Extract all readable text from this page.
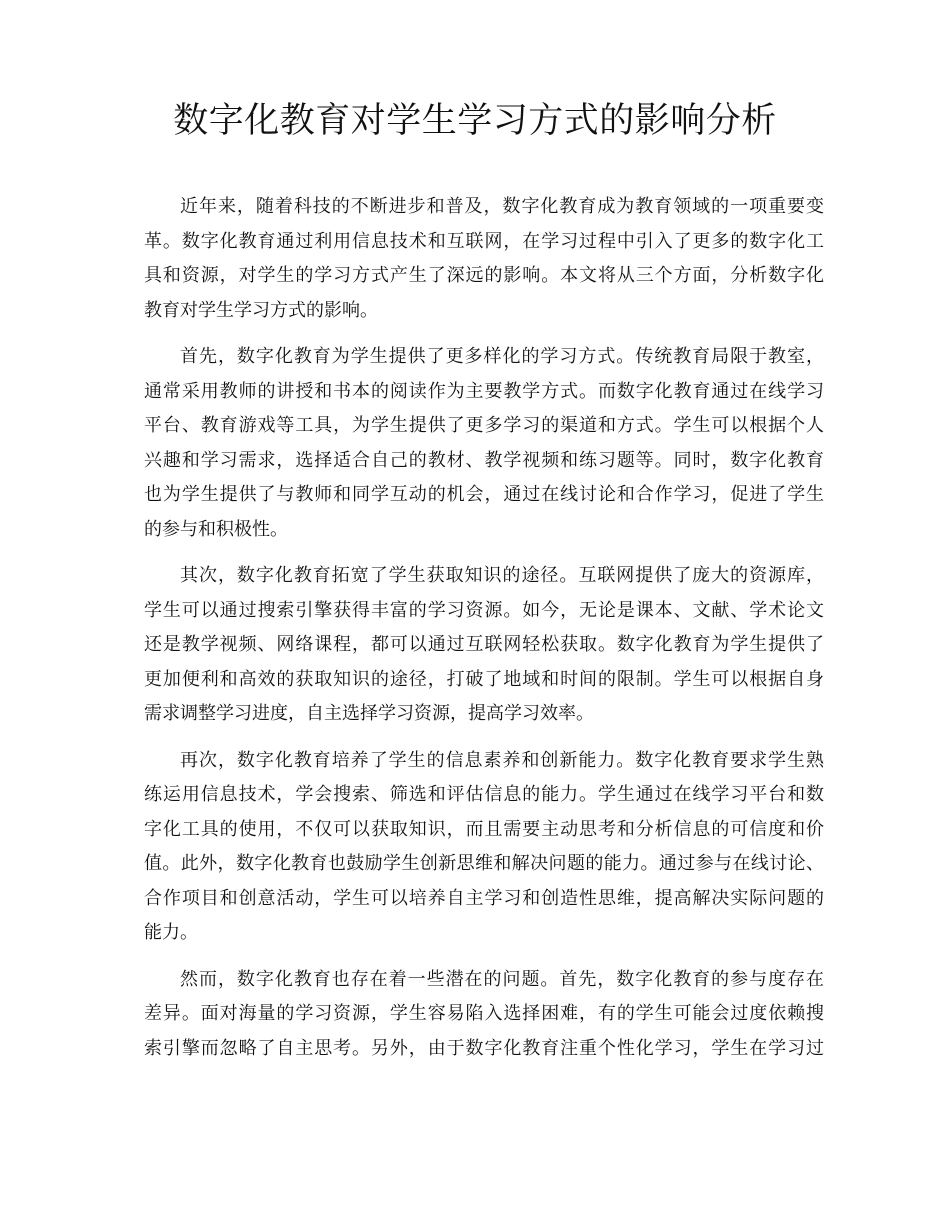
数字化教育对学生学习方式的影响分析
近年来，随着科技的不断进步和普及，数字化教育成为教育领域的一项重要变
革。数字化教育通过利用信息技术和互联网，在学习过程中引入了更多的数字化工
具和资源，对学生的学习方式产生了深远的影响。本文将从三个方面，分析数字化
教育对学生学习方式的影响。
首先，数字化教育为学生提供了更多样化的学习方式。传统教育局限于教室，
通常采用教师的讲授和书本的阅读作为主要教学方式。而数字化教育通过在线学习
平台、教育游戏等工具，为学生提供了更多学习的渠道和方式。学生可以根据个人
兴趣和学习需求，选择适合自己的教材、教学视频和练习题等。同时，数字化教育
也为学生提供了与教师和同学互动的机会，通过在线讨论和合作学习，促进了学生
的参与和积极性。
其次，数字化教育拓宽了学生获取知识的途径。互联网提供了庞大的资源库，
学生可以通过搜索引擎获得丰富的学习资源。如今，无论是课本、文献、学术论文
还是教学视频、网络课程，都可以通过互联网轻松获取。数字化教育为学生提供了
更加便利和高效的获取知识的途径，打破了地域和时间的限制。学生可以根据自身
需求调整学习进度，自主选择学习资源，提高学习效率。
再次，数字化教育培养了学生的信息素养和创新能力。数字化教育要求学生熟
练运用信息技术，学会搜索、筛选和评估信息的能力。学生通过在线学习平台和数
字化工具的使用，不仅可以获取知识，而且需要主动思考和分析信息的可信度和价
值。此外，数字化教育也鼓励学生创新思维和解决问题的能力。通过参与在线讨论、
合作项目和创意活动，学生可以培养自主学习和创造性思维，提高解决实际问题的
能力。
然而，数字化教育也存在着一些潜在的问题。首先，数字化教育的参与度存在
差异。面对海量的学习资源，学生容易陷入选择困难，有的学生可能会过度依赖搜
索引擎而忽略了自主思考。另外，由于数字化教育注重个性化学习，学生在学习过
